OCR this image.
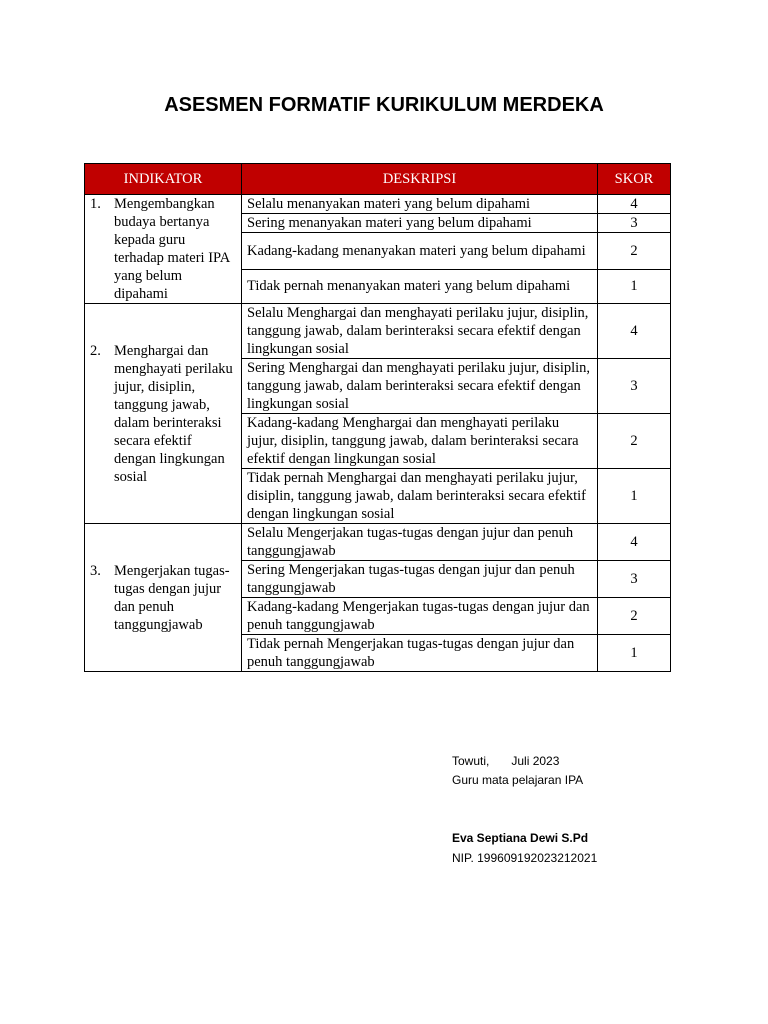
ASESMEN FORMATIF KURIKULUM MERDEKA
INDIKATOR	DESKRIPSI	SKOR

1. Mengembangkan budaya bertanya kepada guru terhadap materi IPA yang belum dipahami	Selalu menanyakan materi yang belum dipahami	4
	Sering menanyakan materi yang belum dipahami	3
	Kadang-kadang menanyakan materi yang belum dipahami	2
	Tidak pernah menanyakan materi yang belum dipahami	1

2. Menghargai dan menghayati perilaku jujur, disiplin, tanggung jawab, dalam berinteraksi secara efektif dengan lingkungan sosial	Selalu Menghargai dan menghayati perilaku jujur, disiplin, tanggung jawab, dalam berinteraksi secara efektif dengan lingkungan sosial	4
	Sering Menghargai dan menghayati perilaku jujur, disiplin, tanggung jawab, dalam berinteraksi secara efektif dengan lingkungan sosial	3
	Kadang-kadang Menghargai dan menghayati perilaku jujur, disiplin, tanggung jawab, dalam berinteraksi secara efektif dengan lingkungan sosial	2
	Tidak pernah Menghargai dan menghayati perilaku jujur, disiplin, tanggung jawab, dalam berinteraksi secara efektif dengan lingkungan sosial	1

3. Mengerjakan tugas-tugas dengan jujur dan penuh tanggungjawab	Selalu Mengerjakan tugas-tugas dengan jujur dan penuh tanggungjawab	4
	Sering Mengerjakan tugas-tugas dengan jujur dan penuh tanggungjawab	3
	Kadang-kadang Mengerjakan tugas-tugas dengan jujur dan penuh tanggungjawab	2
	Tidak pernah Mengerjakan tugas-tugas dengan jujur dan penuh tanggungjawab	1
Towuti, Juli 2023
Guru mata pelajaran IPA
Eva Septiana Dewi S.Pd
NIP. 199609192023212021
